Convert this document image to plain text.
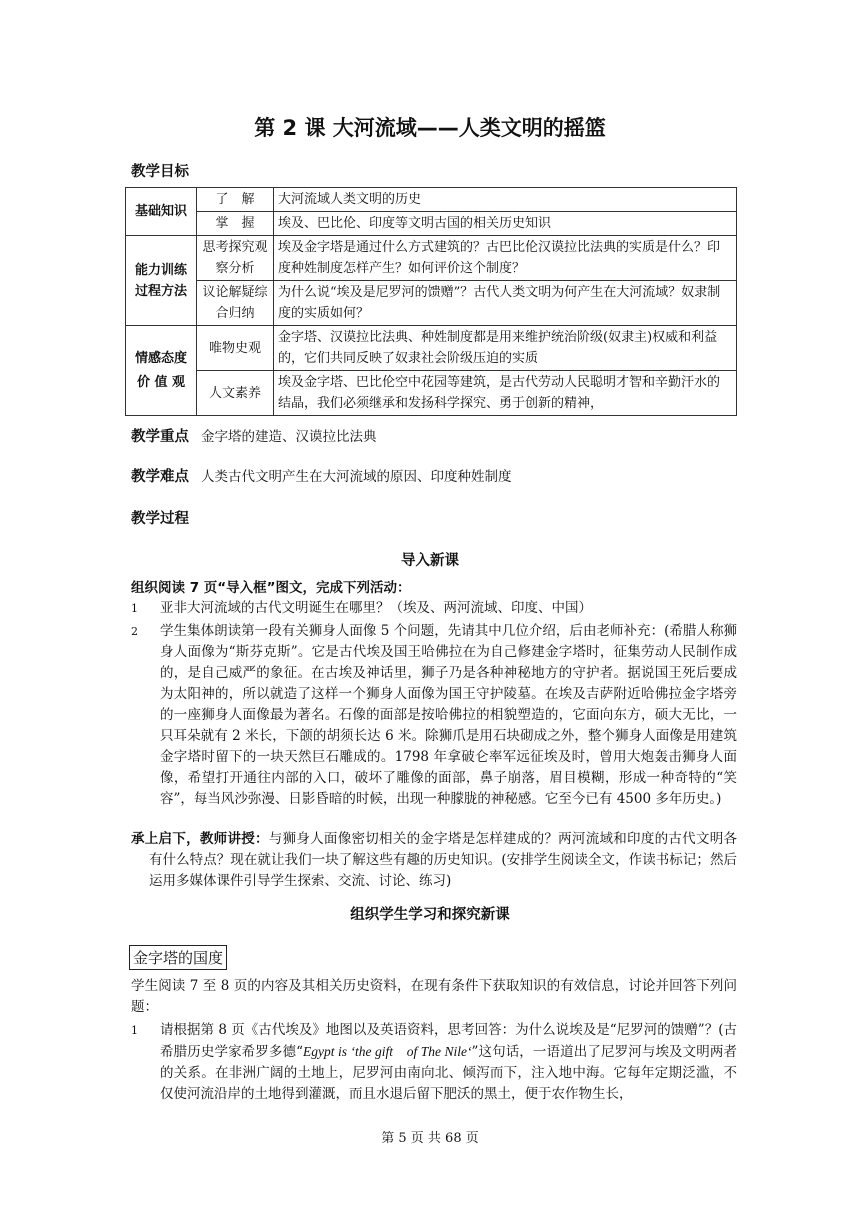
第 2 课 大河流域——人类文明的摇篮
教学目标
基础知识	了　解	大河流域人类文明的历史
	掌　握	埃及、巴比伦、印度等文明古国的相关历史知识
能力训练过程方法	思考探究观察分析	埃及金字塔是通过什么方式建筑的？古巴比伦汉谟拉比法典的实质是什么？印度种姓制度怎样产生？如何评价这个制度？
	议论解疑综合归纳	为什么说“埃及是尼罗河的馈赠”？古代人类文明为何产生在大河流域？奴隶制度的实质如何？
情感态度价 值 观	唯物史观	金字塔、汉谟拉比法典、种姓制度都是用来维护统治阶级(奴隶主)权威和利益的，它们共同反映了奴隶社会阶级压迫的实质
	人文素养	埃及金字塔、巴比伦空中花园等建筑，是古代劳动人民聪明才智和辛勤汗水的结晶，我们必须继承和发扬科学探究、勇于创新的精神，
教学重点 金字塔的建造、汉谟拉比法典
教学难点 人类古代文明产生在大河流域的原因、印度种姓制度
教学过程
导入新课
组织阅读 7 页“导入框”图文，完成下列活动：
1 亚非大河流域的古代文明诞生在哪里？（埃及、两河流域、印度、中国）
2 学生集体朗读第一段有关狮身人面像 5 个问题，先请其中几位介绍，后由老师补充：(希腊人称狮身人面像为“斯芬克斯”。它是古代埃及国王哈佛拉在为自己修建金字塔时，征集劳动人民制作成的，是自己威严的象征。在古埃及神话里，狮子乃是各种神秘地方的守护者。据说国王死后要成为太阳神的，所以就造了这样一个狮身人面像为国王守护陵墓。在埃及吉萨附近哈佛拉金字塔旁的一座狮身人面像最为著名。石像的面部是按哈佛拉的相貌塑造的，它面向东方，硕大无比，一只耳朵就有 2 米长，下颌的胡须长达 6 米。除狮爪是用石块砌成之外，整个狮身人面像是用建筑金字塔时留下的一块天然巨石雕成的。1798 年拿破仑率军远征埃及时，曾用大炮轰击狮身人面像，希望打开通往内部的入口，破坏了雕像的面部，鼻子崩落，眉目模糊，形成一种奇特的“笑容”，每当风沙弥漫、日影昏暗的时候，出现一种朦胧的神秘感。它至今已有 4500 多年历史。)
承上启下，教师讲授：与狮身人面像密切相关的金字塔是怎样建成的？两河流域和印度的古代文明各有什么特点？现在就让我们一块了解这些有趣的历史知识。(安排学生阅读全文，作读书标记；然后运用多媒体课件引导学生探索、交流、讨论、练习)
组织学生学习和探究新课
金字塔的国度
学生阅读 7 至 8 页的内容及其相关历史资料，在现有条件下获取知识的有效信息，讨论并回答下列问题：
1 请根据第 8 页《古代埃及》地图以及英语资料，思考回答：为什么说埃及是“尼罗河的馈赠”？(古希腊历史学家希罗多德“Egypt is ‘the gift　of The Nile‘”这句话，一语道出了尼罗河与埃及文明两者的关系。在非洲广阔的土地上，尼罗河由南向北、倾泻而下，注入地中海。它每年定期泛滥，不仅使河流沿岸的土地得到灌溉，而且水退后留下肥沃的黑土，便于农作物生长，
第 5 页 共 68 页
